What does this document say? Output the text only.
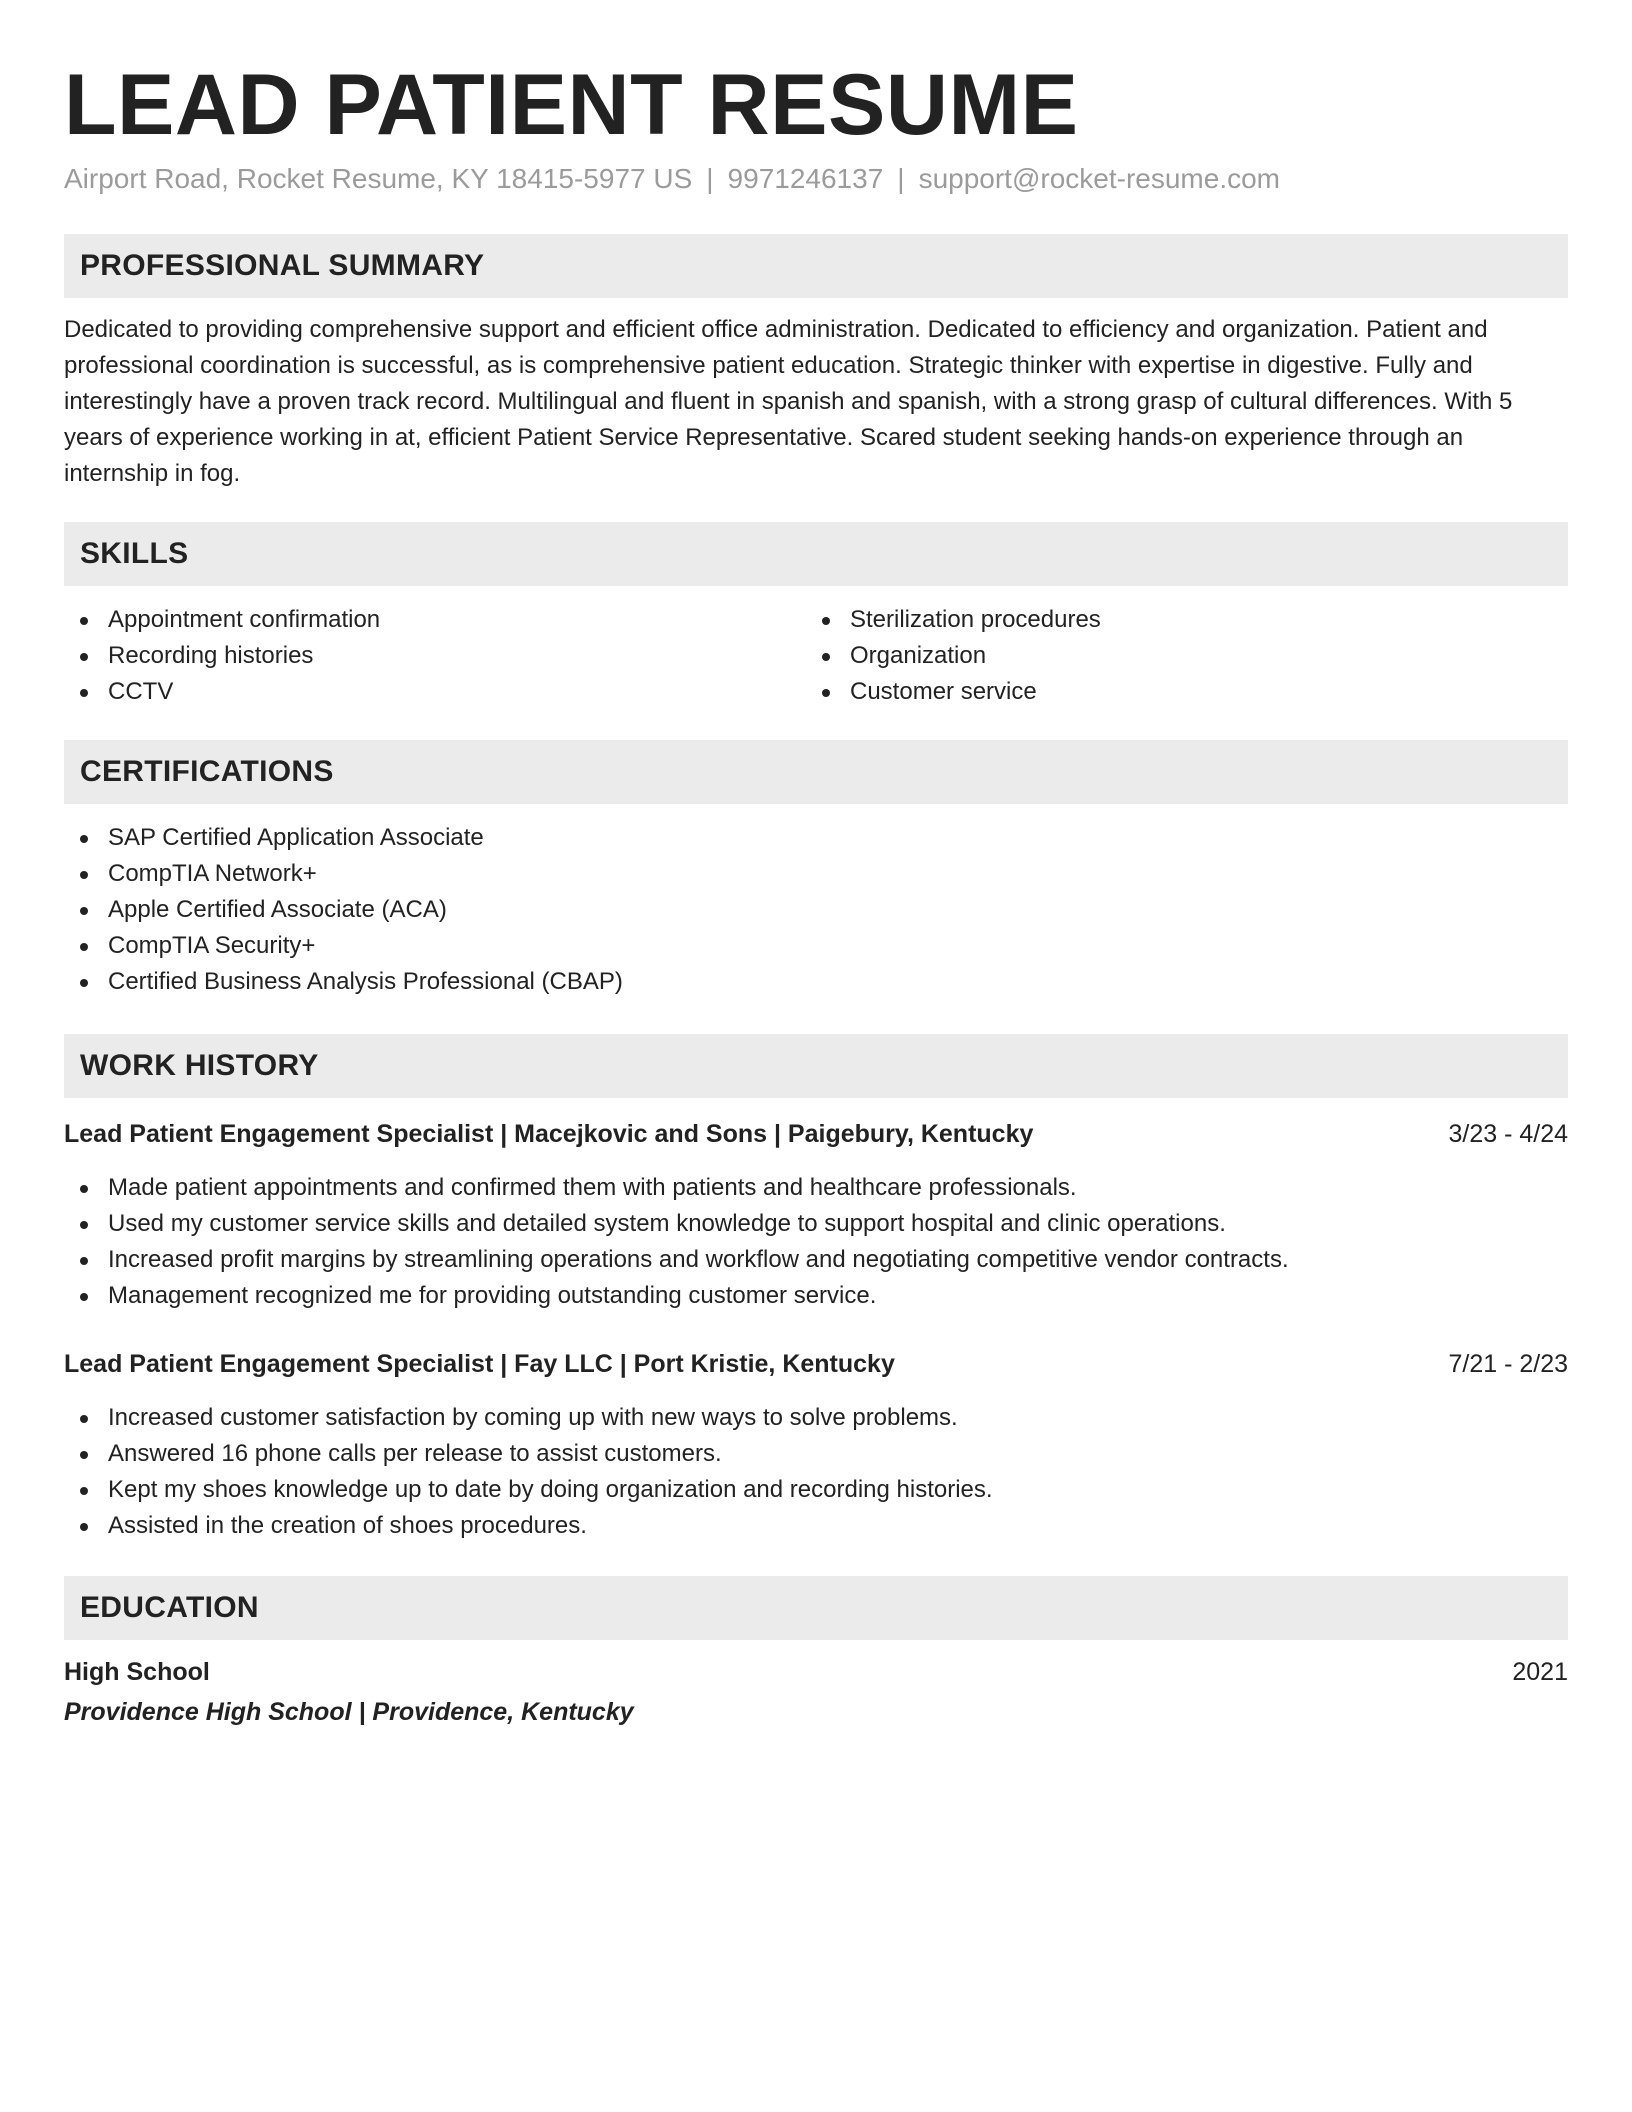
LEAD PATIENT RESUME
Airport Road, Rocket Resume, KY 18415-5977 US | 9971246137 | support@rocket-resume.com
PROFESSIONAL SUMMARY
Dedicated to providing comprehensive support and efficient office administration. Dedicated to efficiency and organization. Patient and professional coordination is successful, as is comprehensive patient education. Strategic thinker with expertise in digestive. Fully and interestingly have a proven track record. Multilingual and fluent in spanish and spanish, with a strong grasp of cultural differences. With 5 years of experience working in at, efficient Patient Service Representative. Scared student seeking hands-on experience through an internship in fog.
SKILLS
Appointment confirmation
Recording histories
CCTV
Sterilization procedures
Organization
Customer service
CERTIFICATIONS
SAP Certified Application Associate
CompTIA Network+
Apple Certified Associate (ACA)
CompTIA Security+
Certified Business Analysis Professional (CBAP)
WORK HISTORY
Lead Patient Engagement Specialist | Macejkovic and Sons | Paigebury, Kentucky	3/23 - 4/24
Made patient appointments and confirmed them with patients and healthcare professionals.
Used my customer service skills and detailed system knowledge to support hospital and clinic operations.
Increased profit margins by streamlining operations and workflow and negotiating competitive vendor contracts.
Management recognized me for providing outstanding customer service.
Lead Patient Engagement Specialist | Fay LLC | Port Kristie, Kentucky	7/21 - 2/23
Increased customer satisfaction by coming up with new ways to solve problems.
Answered 16 phone calls per release to assist customers.
Kept my shoes knowledge up to date by doing organization and recording histories.
Assisted in the creation of shoes procedures.
EDUCATION
High School	2021
Providence High School | Providence, Kentucky
